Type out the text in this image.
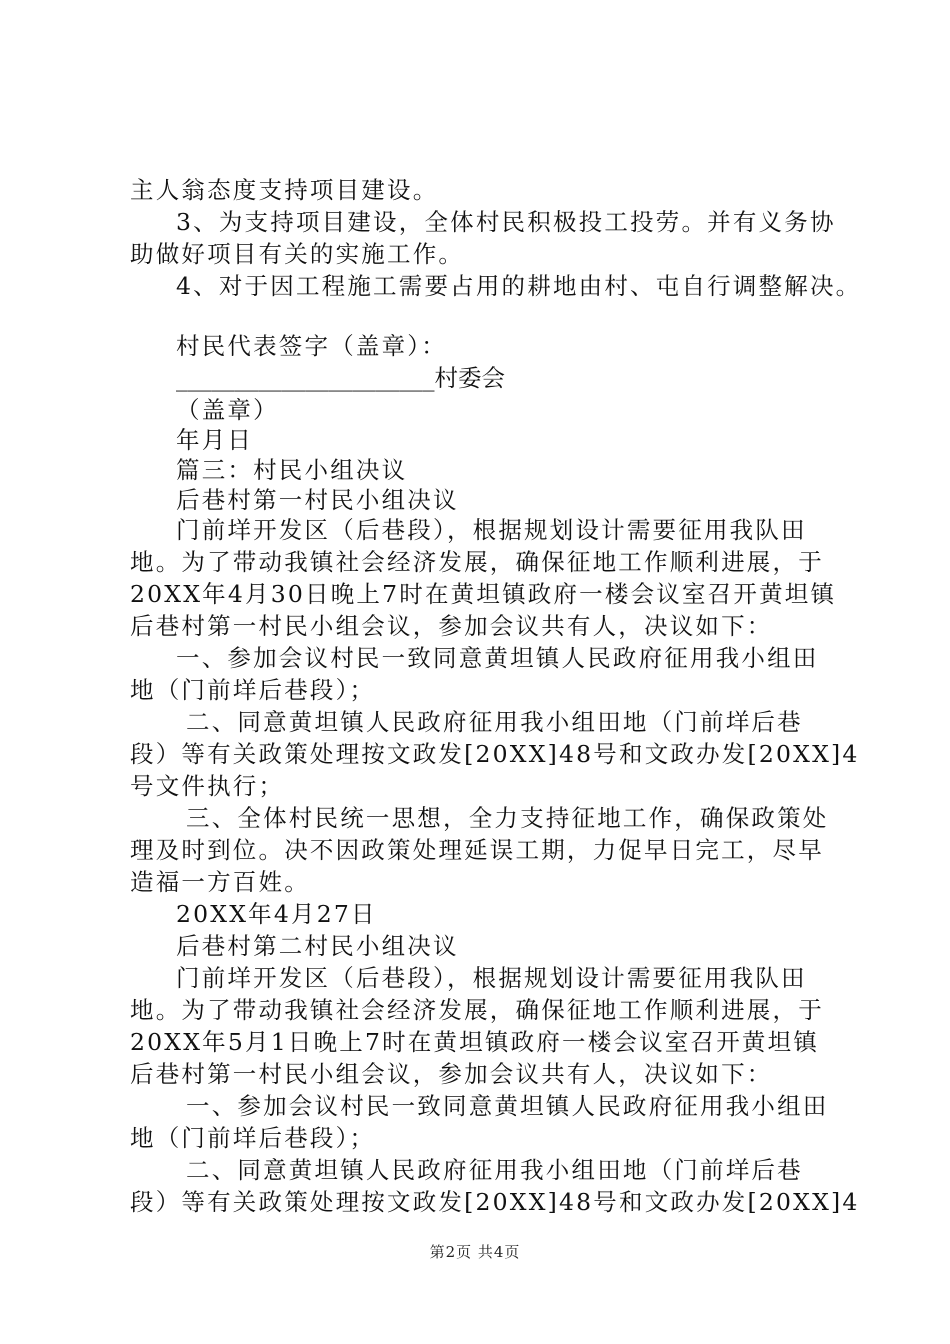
主人翁态度支持项目建设。
3、为支持项目建设，全体村民积极投工投劳。并有义务协
助做好项目有关的实施工作。
4、对于因工程施工需要占用的耕地由村、屯自行调整解决。
村民代表签字（盖章）：
______________________村委会
（盖章）
年月日
篇三：村民小组决议
后巷村第一村民小组决议
门前垟开发区（后巷段），根据规划设计需要征用我队田
地。为了带动我镇社会经济发展，确保征地工作顺利进展，于
20XX年4月30日晚上7时在黄坦镇政府一楼会议室召开黄坦镇
后巷村第一村民小组会议，参加会议共有人，决议如下：
一、参加会议村民一致同意黄坦镇人民政府征用我小组田
地（门前垟后巷段）；
二、同意黄坦镇人民政府征用我小组田地（门前垟后巷
段）等有关政策处理按文政发[20XX]48号和文政办发[20XX]4
号文件执行；
三、全体村民统一思想，全力支持征地工作，确保政策处
理及时到位。决不因政策处理延误工期，力促早日完工，尽早
造福一方百姓。
20XX年4月27日
后巷村第二村民小组决议
门前垟开发区（后巷段），根据规划设计需要征用我队田
地。为了带动我镇社会经济发展，确保征地工作顺利进展，于
20XX年5月1日晚上7时在黄坦镇政府一楼会议室召开黄坦镇
后巷村第一村民小组会议，参加会议共有人，决议如下：
一、参加会议村民一致同意黄坦镇人民政府征用我小组田
地（门前垟后巷段）；
二、同意黄坦镇人民政府征用我小组田地（门前垟后巷
段）等有关政策处理按文政发[20XX]48号和文政办发[20XX]4
第2页 共4页
